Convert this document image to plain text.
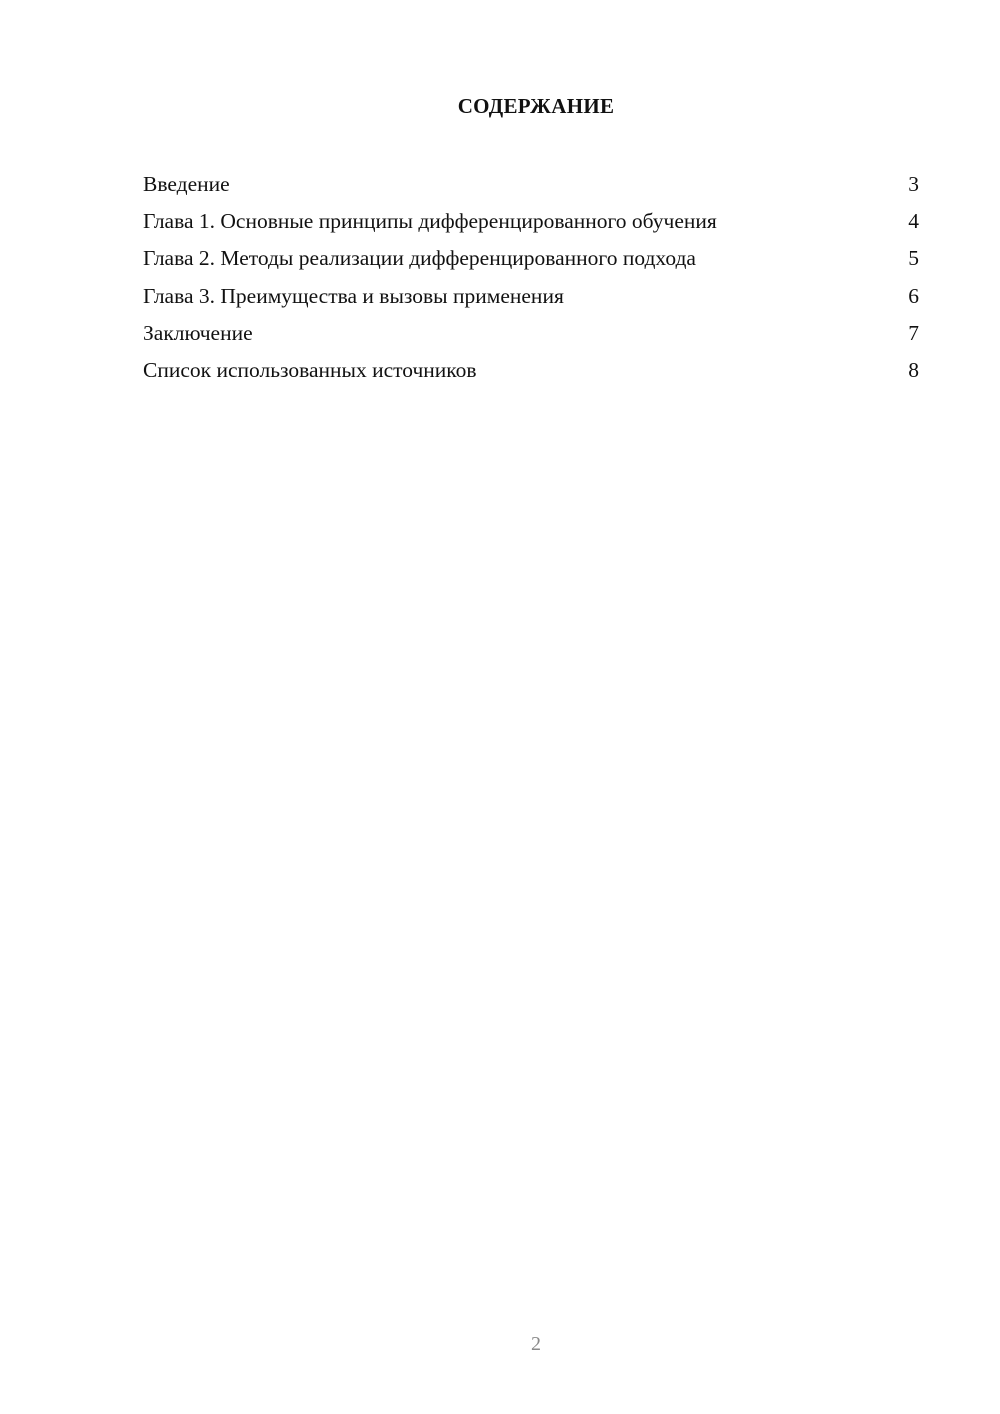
СОДЕРЖАНИЕ
Введение	3
Глава 1. Основные принципы дифференцированного обучения	4
Глава 2. Методы реализации дифференцированного подхода	5
Глава 3. Преимущества и вызовы применения	6
Заключение	7
Список использованных источников	8
2
